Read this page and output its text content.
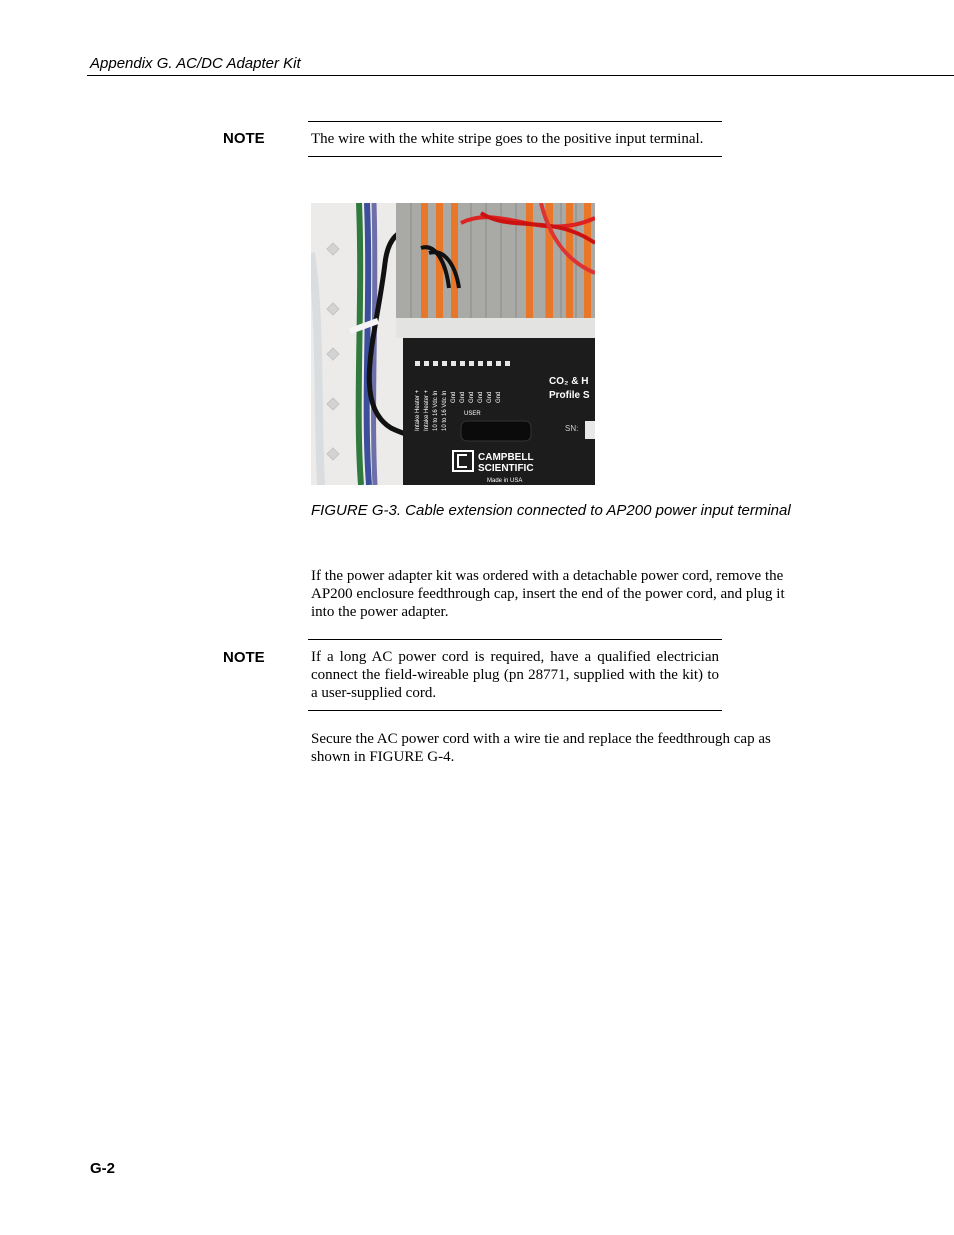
Appendix G. AC/DC Adapter Kit
NOTE	The wire with the white stripe goes to the positive input terminal.

Intake Heater + Intake Heater + 10 to 16 Vdc In 10 to 16 Vdc In Gnd Gnd Gnd Gnd Gnd Gnd
USER
CO₂ & H
Profile S
SN:
CAMPBELL
SCIENTIFIC
Made in USA
FIGURE G-3. Cable extension connected to AP200 power input terminal

If the power adapter kit was ordered with a detachable power cord, remove the AP200 enclosure feedthrough cap, insert the end of the power cord, and plug it into the power adapter.

NOTE	If a long AC power cord is required, have a qualified electrician connect the field-wireable plug (pn 28771, supplied with the kit) to a user-supplied cord.

Secure the AC power cord with a wire tie and replace the feedthrough cap as shown in FIGURE G-4.

G-2
